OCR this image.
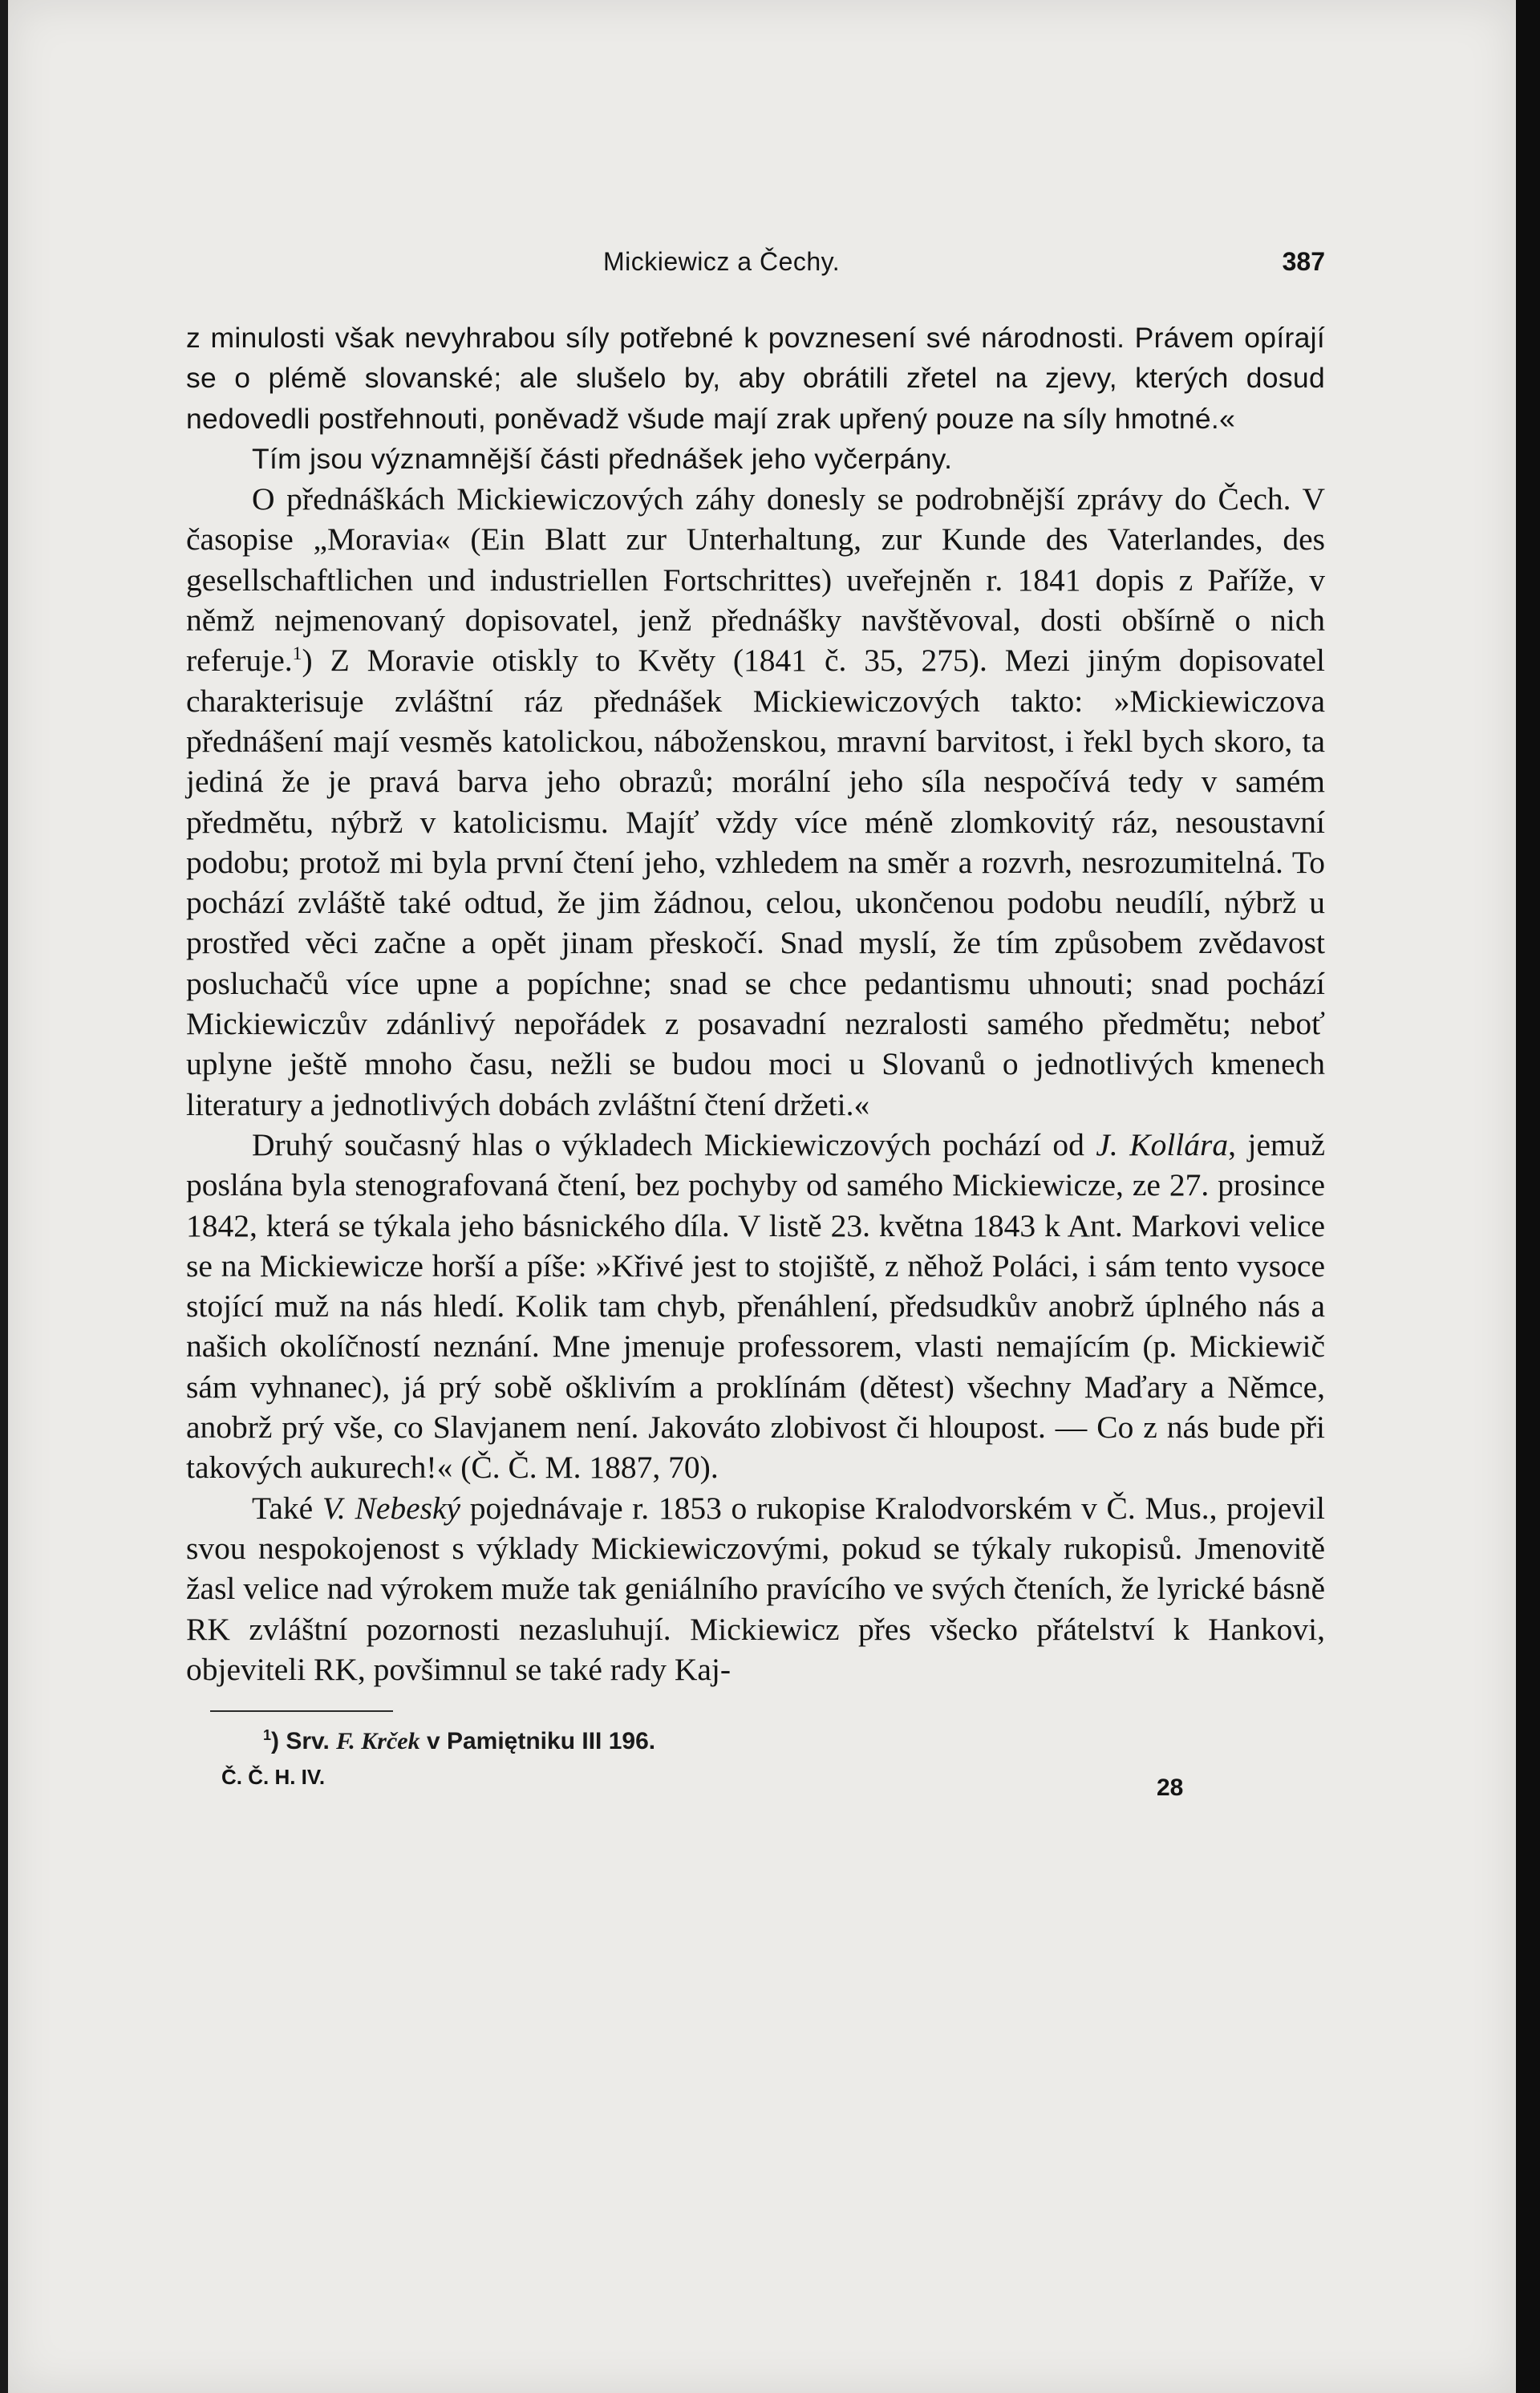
Mickiewicz a Čechy.	387

z minulosti však nevyhrabou síly potřebné k povznesení své národnosti. Právem opírají se o plémě slovanské; ale slušelo by, aby obrátili zřetel na zjevy, kterých dosud nedovedli postřehnouti, poněvadž všude mají zrak upřený pouze na síly hmotné.«

Tím jsou významnější části přednášek jeho vyčerpány.

O přednáškách Mickiewiczových záhy donesly se podrobnější zprávy do Čech. V časopise „Moravia« (Ein Blatt zur Unterhaltung, zur Kunde des Vaterlandes, des gesellschaftlichen und industriellen Fortschrittes) uveřejněn r. 1841 dopis z Paříže, v němž nejmenovaný dopisovatel, jenž přednášky navštěvoval, dosti obšírně o nich referuje.$^1$) Z Moravie otiskly to Květy (1841 č. 35, 275). Mezi jiným dopisovatel charakterisuje zvláštní ráz přednášek Mickiewiczových takto: »Mickiewiczova přednášení mají vesměs katolickou, náboženskou, mravní barvitost, i řekl bych skoro, ta jediná že je pravá barva jeho obrazů; morální jeho síla nespočívá tedy v samém předmětu, nýbrž v katolicismu. Majíť vždy více méně zlomkovitý ráz, nesoustavní podobu; protož mi byla první čtení jeho, vzhledem na směr a rozvrh, nesrozumitelná. To pochází zvláště také odtud, že jim žádnou, celou, ukončenou podobu neudílí, nýbrž u prostřed věci začne a opět jinam přeskočí. Snad myslí, že tím způsobem zvědavost posluchačů více upne a popíchne; snad se chce pedantismu uhnouti; snad pochází Mickiewiczův zdánlivý nepořádek z posavadní nezralosti samého předmětu; neboť uplyne ještě mnoho času, nežli se budou moci u Slovanů o jednotlivých kmenech literatury a jednotlivých dobách zvláštní čtení držeti.«

Druhý současný hlas o výkladech Mickiewiczových pochází od J. Kollára, jemuž poslána byla stenografovaná čtení, bez pochyby od samého Mickiewicze, ze 27. prosince 1842, která se týkala jeho básnického díla. V listě 23. května 1843 k Ant. Markovi velice se na Mickiewicze horší a píše: »Křivé jest to stojiště, z něhož Poláci, i sám tento vysoce stojící muž na nás hledí. Kolik tam chyb, přenáhlení, předsudkův anobrž úplného nás a našich okolíčností neznání. Mne jmenuje professorem, vlasti nemajícím (p. Mickiewič sám vyhnanec), já prý sobě ošklivím a proklínám (dětest) všechny Maďary a Němce, anobrž prý vše, co Slavjanem není. Jakováto zlobivost či hloupost. — Co z nás bude při takových aukurech!« (Č. Č. M. 1887, 70).

Také V. Nebeský pojednávaje r. 1853 o rukopise Kralodvorském v Č. Mus., projevil svou nespokojenost s výklady Mickiewiczovými, pokud se týkaly rukopisů. Jmenovitě žasl velice nad výrokem muže tak geniálního pravícího ve svých čteních, že lyrické básně RK zvláštní pozornosti nezasluhují. Mickiewicz přes všecko přátelství k Hankovi, objeviteli RK, povšimnul se také rady Kaj-

$^1$) Srv. F. Krček v Pamiętniku III 196.
Č. Č. H. IV.	28
